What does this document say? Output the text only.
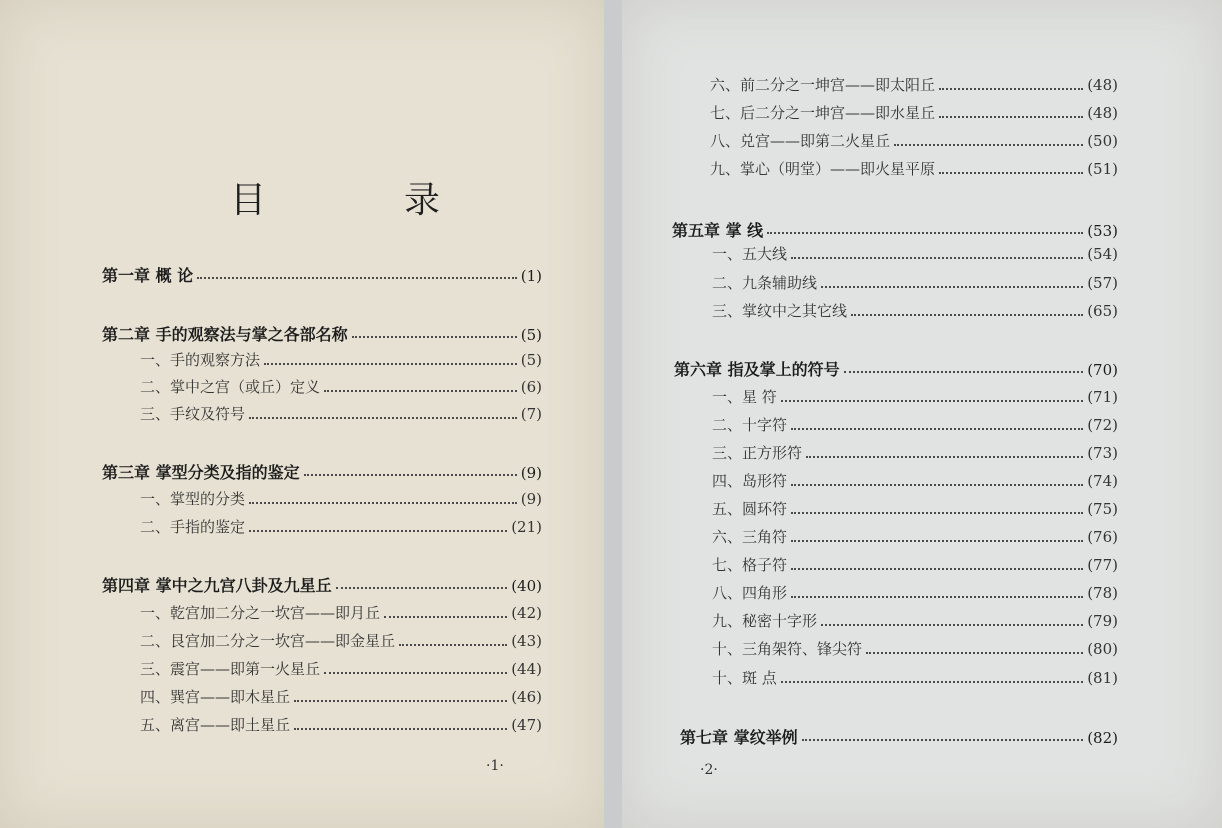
目	录
第一章 概 论	(1)
第二章 手的观察法与掌之各部名称	(5)
一、手的观察方法	(5)
二、掌中之宫（或丘）定义	(6)
三、手纹及符号	(7)
第三章 掌型分类及指的鉴定	(9)
一、掌型的分类	(9)
二、手指的鉴定	(21)
第四章 掌中之九宫八卦及九星丘	(40)
一、乾宫加二分之一坎宫——即月丘	(42)
二、艮宫加二分之一坎宫——即金星丘	(43)
三、震宫——即第一火星丘	(44)
四、巽宫——即木星丘	(46)
五、离宫——即土星丘	(47)
·1·
六、前二分之一坤宫——即太阳丘	(48)
七、后二分之一坤宫——即水星丘	(48)
八、兑宫——即第二火星丘	(50)
九、掌心（明堂）——即火星平原	(51)
第五章 掌 线	(53)
一、五大线	(54)
二、九条辅助线	(57)
三、掌纹中之其它线	(65)
第六章 指及掌上的符号	(70)
一、星 符	(71)
二、十字符	(72)
三、正方形符	(73)
四、岛形符	(74)
五、圆环符	(75)
六、三角符	(76)
七、格子符	(77)
八、四角形	(78)
九、秘密十字形	(79)
十、三角架符、锋尖符	(80)
十、斑 点	(81)
第七章 掌纹举例	(82)
·2·
